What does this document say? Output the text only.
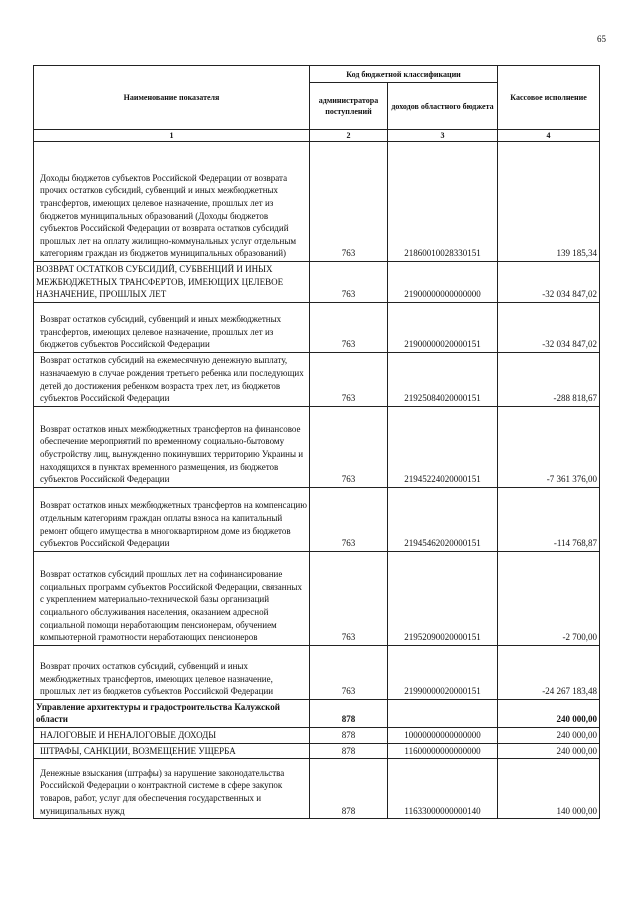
65
Наименование показателя	Код бюджетной классификации		Кассовое исполнение
	администратора поступлений	доходов областного бюджета	
1	2	3	4
Доходы бюджетов субъектов Российской Федерации от возврата прочих остатков субсидий, субвенций и иных межбюджетных трансфертов, имеющих целевое назначение, прошлых лет из бюджетов муниципальных образований (Доходы бюджетов субъектов Российской Федерации от возврата остатков субсидий прошлых лет на оплату жилищно-коммунальных услуг отдельным категориям граждан из бюджетов муниципальных образований)	763	21860010028330151	139 185,34
ВОЗВРАТ ОСТАТКОВ СУБСИДИЙ, СУБВЕНЦИЙ И ИНЫХ МЕЖБЮДЖЕТНЫХ ТРАНСФЕРТОВ, ИМЕЮЩИХ ЦЕЛЕВОЕ НАЗНАЧЕНИЕ, ПРОШЛЫХ ЛЕТ	763	21900000000000000	-32 034 847,02
Возврат остатков субсидий, субвенций и иных межбюджетных трансфертов, имеющих целевое назначение, прошлых лет из бюджетов субъектов Российской Федерации	763	21900000020000151	-32 034 847,02
Возврат остатков субсидий на ежемесячную денежную выплату, назначаемую в случае рождения третьего ребенка или последующих детей до достижения ребенком возраста трех лет, из бюджетов субъектов Российской Федерации	763	21925084020000151	-288 818,67
Возврат остатков иных межбюджетных трансфертов на финансовое обеспечение мероприятий по временному социально-бытовому обустройству лиц, вынужденно покинувших территорию Украины и находящихся в пунктах временного размещения, из бюджетов субъектов Российской Федерации	763	21945224020000151	-7 361 376,00
Возврат остатков иных межбюджетных трансфертов на компенсацию отдельным категориям граждан оплаты взноса на капитальный ремонт общего имущества в многоквартирном доме из бюджетов субъектов Российской Федерации	763	21945462020000151	-114 768,87
Возврат остатков субсидий прошлых лет на софинансирование социальных программ субъектов Российской Федерации, связанных с укреплением материально-технической базы организаций социального обслуживания населения, оказанием адресной социальной помощи неработающим пенсионерам, обучением компьютерной грамотности неработающих пенсионеров	763	21952090020000151	-2 700,00
Возврат прочих остатков субсидий, субвенций и иных межбюджетных трансфертов, имеющих целевое назначение, прошлых лет из бюджетов субъектов Российской Федерации	763	21990000020000151	-24 267 183,48
Управление архитектуры и градостроительства Калужской области	878		240 000,00
НАЛОГОВЫЕ И НЕНАЛОГОВЫЕ ДОХОДЫ	878	10000000000000000	240 000,00
ШТРАФЫ, САНКЦИИ, ВОЗМЕЩЕНИЕ УЩЕРБА	878	11600000000000000	240 000,00
Денежные взыскания (штрафы) за нарушение законодательства Российской Федерации о контрактной системе в сфере закупок товаров, работ, услуг для обеспечения государственных и муниципальных нужд	878	11633000000000140	140 000,00
